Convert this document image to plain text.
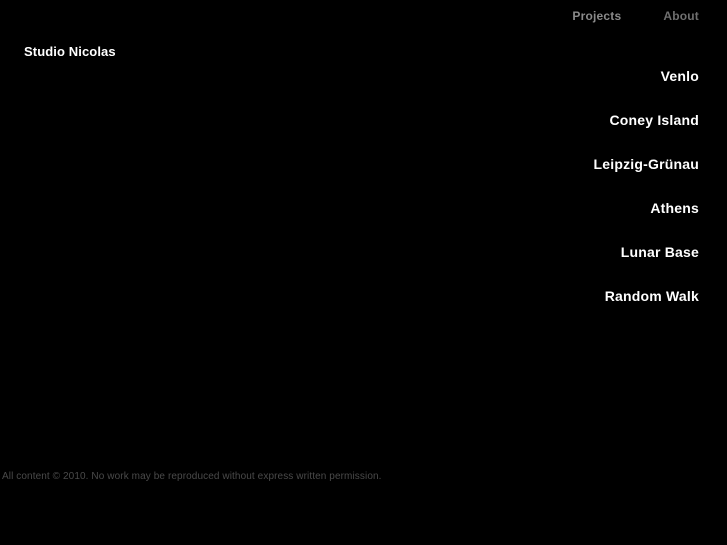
Projects	About
Studio Nicolas
Venlo
Coney Island
Leipzig-Grünau
Athens
Lunar Base
Random Walk
All content © 2010. No work may be reproduced without express written permission.
